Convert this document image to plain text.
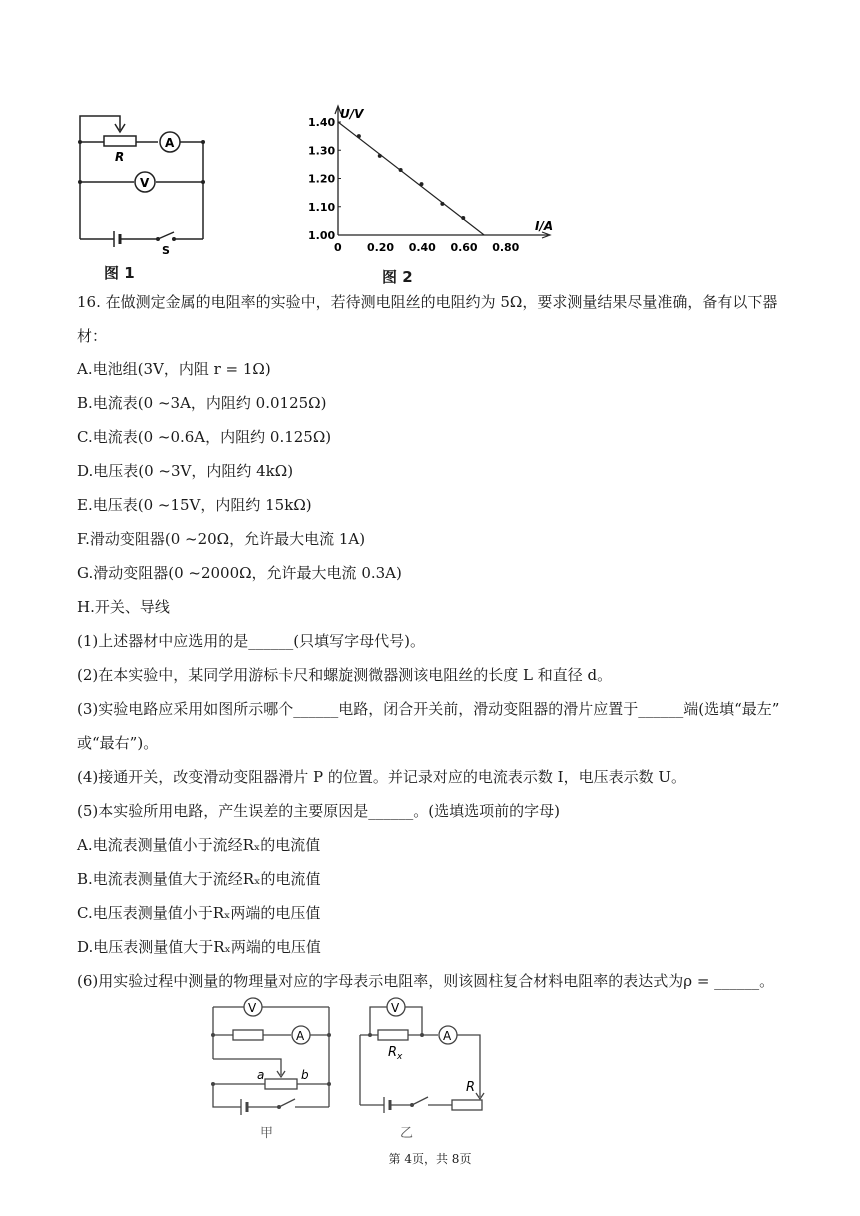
R
A
V
S
图 1
U/V
I/A
1.40
1.30
1.20
1.10
1.00
0 0.20 0.40 0.60 0.80
图 2
16. 在做测定金属的电阻率的实验中，若待测电阻丝的电阻约为 5Ω，要求测量结果尽量准确，备有以下器
材：
A.电池组(3V，内阻 r = 1Ω)
B.电流表(0 ~3A，内阻约 0.0125Ω)
C.电流表(0 ~0.6A，内阻约 0.125Ω)
D.电压表(0 ~3V，内阻约 4kΩ)
E.电压表(0 ~15V，内阻约 15kΩ)
F.滑动变阻器(0 ~20Ω，允许最大电流 1A)
G.滑动变阻器(0 ~2000Ω，允许最大电流 0.3A)
H.开关、导线
(1)上述器材中应选用的是______(只填写字母代号)。
(2)在本实验中，某同学用游标卡尺和螺旋测微器测该电阻丝的长度 L 和直径 d。
(3)实验电路应采用如图所示哪个______电路，闭合开关前，滑动变阻器的滑片应置于______端(选填“最左”
或“最右”)。
(4)接通开关，改变滑动变阻器滑片 P 的位置。并记录对应的电流表示数 I，电压表示数 U。
(5)本实验所用电路，产生误差的主要原因是______。(选填选项前的字母)
A.电流表测量值小于流经Rₓ的电流值
B.电流表测量值大于流经Rₓ的电流值
C.电压表测量值小于Rₓ两端的电压值
D.电压表测量值大于Rₓ两端的电压值
(6)用实验过程中测量的物理量对应的字母表示电阻率，则该圆柱复合材料电阻率的表达式为ρ = ______。
V
A
a	b
甲
V
A
$R_x$
R
乙
第 4页，共 8页
